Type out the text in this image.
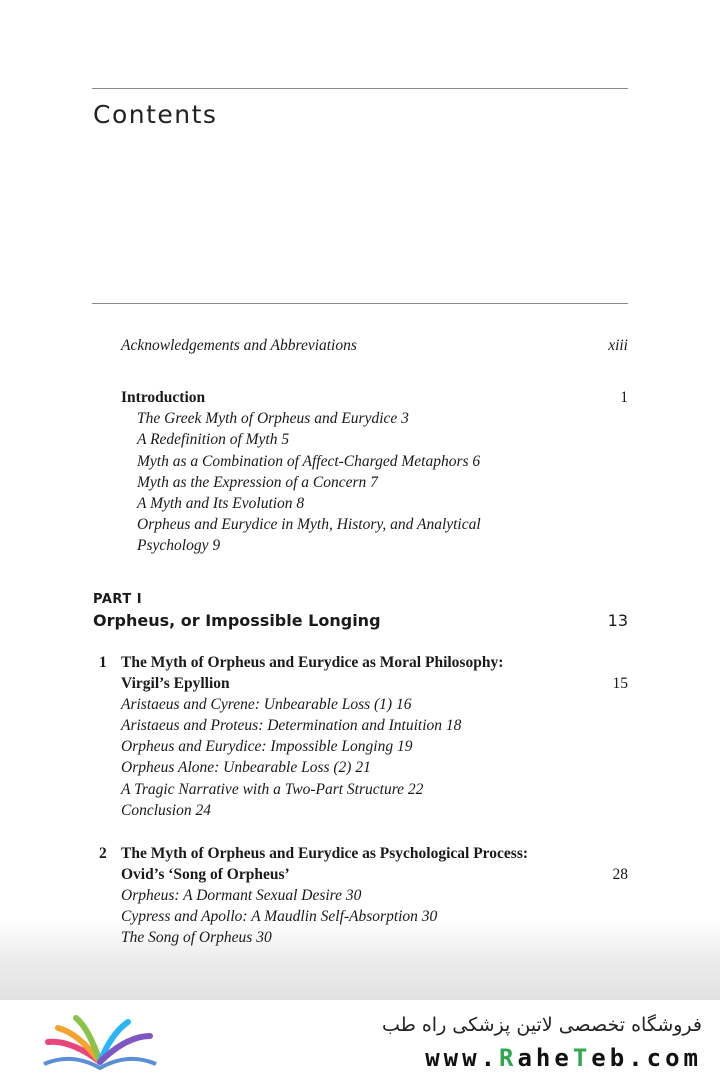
Contents
Acknowledgements and Abbreviations	xiii
Introduction	1
The Greek Myth of Orpheus and Eurydice 3
A Redefinition of Myth 5
Myth as a Combination of Affect-Charged Metaphors 6
Myth as the Expression of a Concern 7
A Myth and Its Evolution 8
Orpheus and Eurydice in Myth, History, and Analytical
Psychology 9
PART I
Orpheus, or Impossible Longing	13
1 The Myth of Orpheus and Eurydice as Moral Philosophy:
Virgil’s Epyllion	15
Aristaeus and Cyrene: Unbearable Loss (1) 16
Aristaeus and Proteus: Determination and Intuition 18
Orpheus and Eurydice: Impossible Longing 19
Orpheus Alone: Unbearable Loss (2) 21
A Tragic Narrative with a Two-Part Structure 22
Conclusion 24
2 The Myth of Orpheus and Eurydice as Psychological Process:
Ovid’s ‘Song of Orpheus’	28
Orpheus: A Dormant Sexual Desire 30
Cypress and Apollo: A Maudlin Self-Absorption 30
The Song of Orpheus 30
فروشگاه تخصصی لاتین پزشکی راه طب
www.RaheTeb.com
